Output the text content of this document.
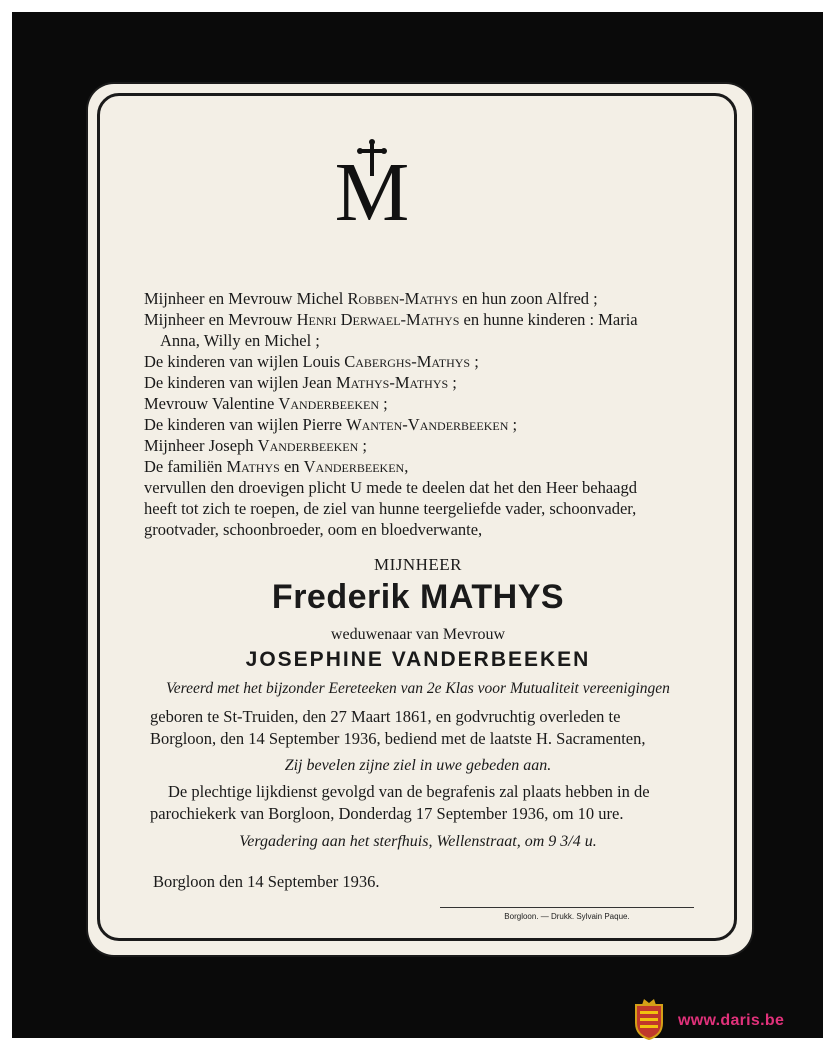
M
Mijnheer en Mevrouw Michel Robben-Mathys en hun zoon Alfred ;
Mijnheer en Mevrouw Henri Derwael-Mathys en hunne kinderen : Maria
Anna, Willy en Michel ;
De kinderen van wijlen Louis Caberghs-Mathys ;
De kinderen van wijlen Jean Mathys-Mathys ;
Mevrouw Valentine Vanderbeeken ;
De kinderen van wijlen Pierre Wanten-Vanderbeeken ;
Mijnheer Joseph Vanderbeeken ;
De familiën Mathys en Vanderbeeken,
vervullen den droevigen plicht U mede te deelen dat het den Heer behaagd
heeft tot zich te roepen, de ziel van hunne teergeliefde vader, schoonvader,
grootvader, schoonbroeder, oom en bloedverwante,
MIJNHEER
Frederik MATHYS
weduwenaar van Mevrouw
JOSEPHINE VANDERBEEKEN
Vereerd met het bijzonder Eereteeken van 2e Klas voor Mutualiteit vereenigingen
geboren te St-Truiden, den 27 Maart 1861, en godvruchtig overleden te
Borgloon, den 14 September 1936, bediend met de laatste H. Sacramenten,
Zij bevelen zijne ziel in uwe gebeden aan.
De plechtige lijkdienst gevolgd van de begrafenis zal plaats hebben in de
parochiekerk van Borgloon, Donderdag 17 September 1936, om 10 ure.
Vergadering aan het sterfhuis, Wellenstraat, om 9 3/4 u.
Borgloon den 14 September 1936.
Borgloon. — Drukk. Sylvain Paque.
www.daris.be
